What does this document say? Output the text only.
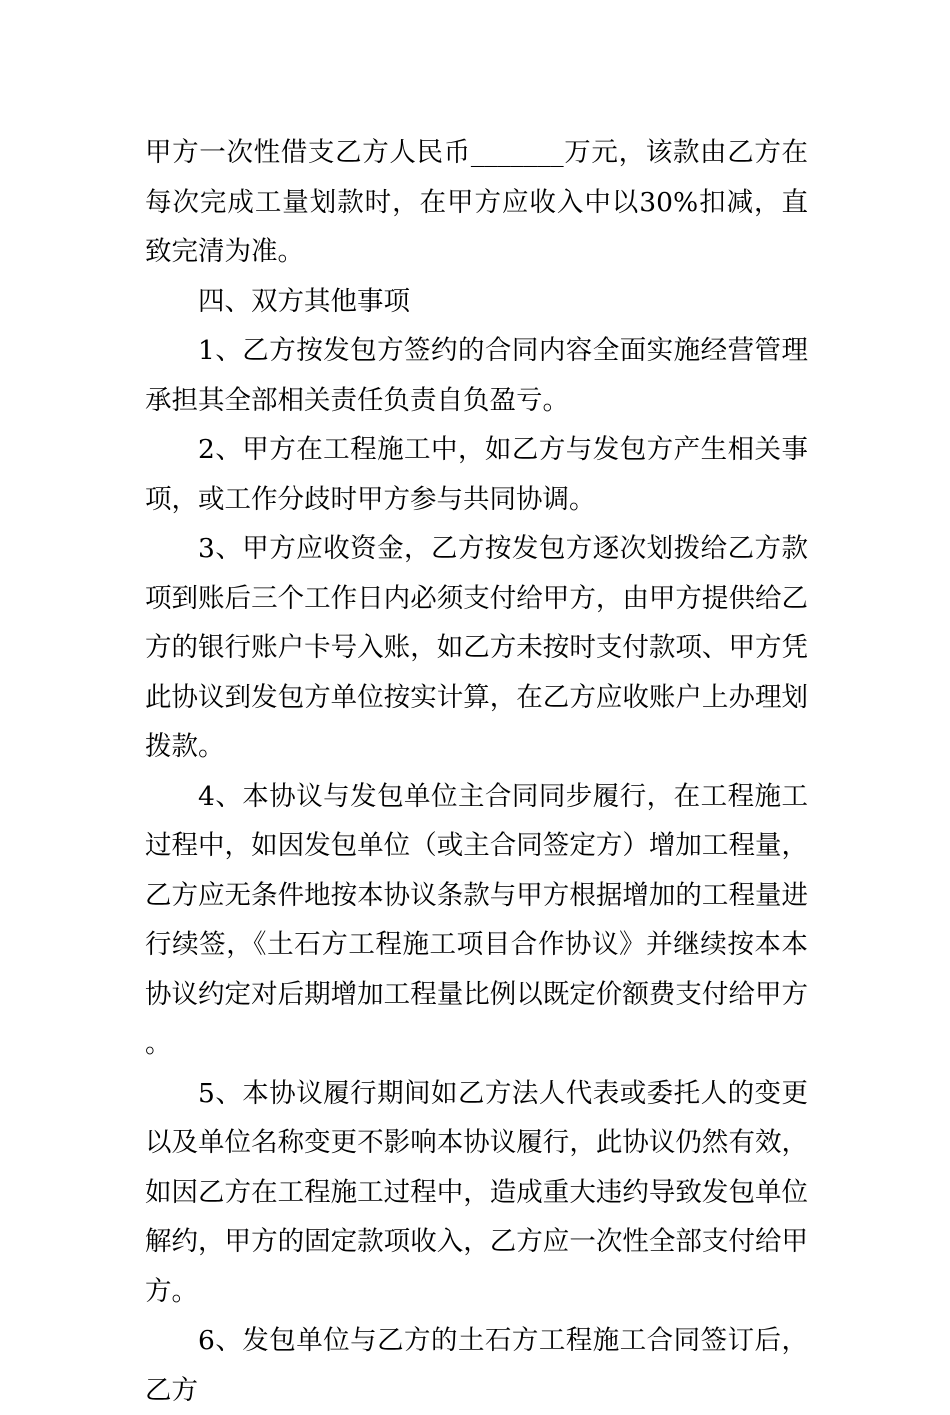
甲方一次性借支乙方人民币_______万元，该款由乙方在每次完成工量划款时，在甲方应收入中以30%扣减，直致完清为准。

四、双方其他事项

1、乙方按发包方签约的合同内容全面实施经营管理承担其全部相关责任负责自负盈亏。

2、甲方在工程施工中，如乙方与发包方产生相关事项，或工作分歧时甲方参与共同协调。

3、甲方应收资金，乙方按发包方逐次划拨给乙方款项到账后三个工作日内必须支付给甲方，由甲方提供给乙方的银行账户卡号入账，如乙方未按时支付款项、甲方凭此协议到发包方单位按实计算，在乙方应收账户上办理划拨款。

4、本协议与发包单位主合同同步履行，在工程施工过程中，如因发包单位（或主合同签定方）增加工程量，乙方应无条件地按本协议条款与甲方根据增加的工程量进行续签，《土石方工程施工项目合作协议》并继续按本本协议约定对后期增加工程量比例以既定价额费支付给甲方。

5、本协议履行期间如乙方法人代表或委托人的变更以及单位名称变更不影响本协议履行，此协议仍然有效，如因乙方在工程施工过程中，造成重大违约导致发包单位解约，甲方的固定款项收入，乙方应一次性全部支付给甲方。

6、发包单位与乙方的土石方工程施工合同签订后，乙方
